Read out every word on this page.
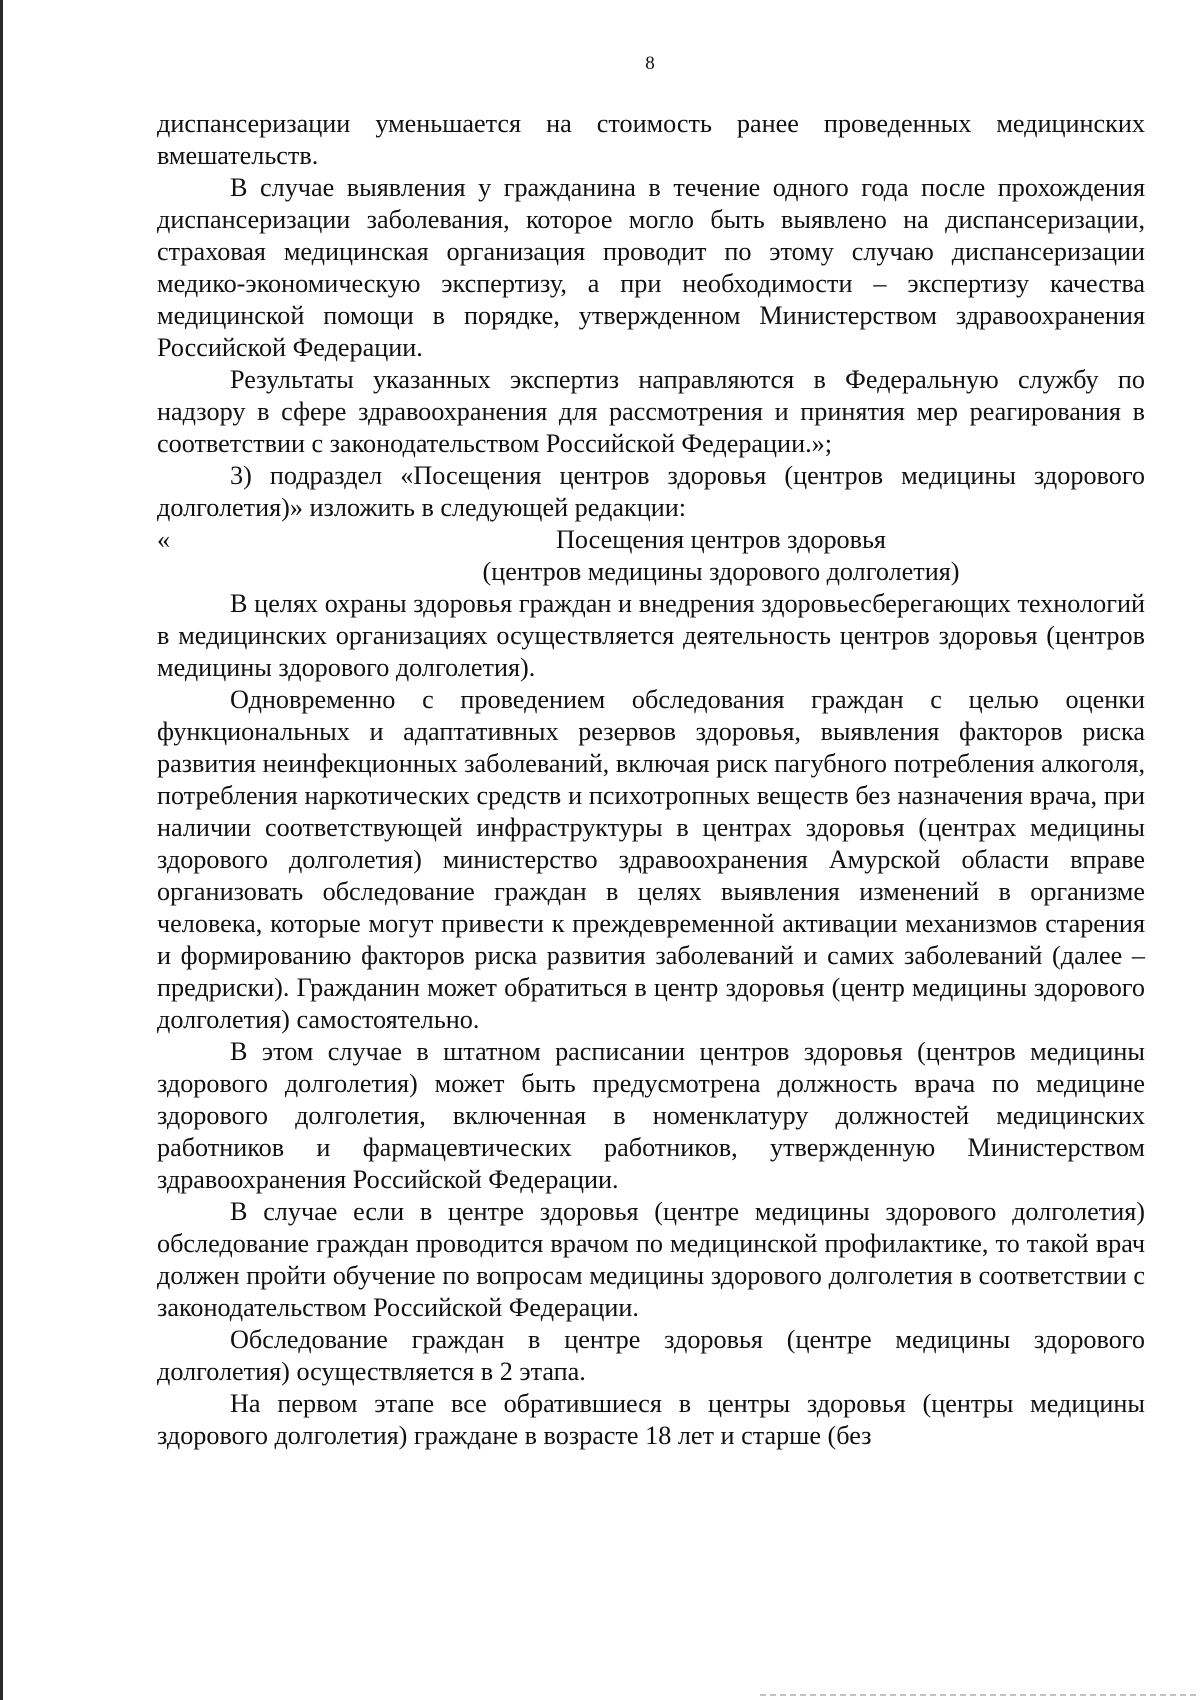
8

диспансеризации уменьшается на стоимость ранее проведенных медицинских вмешательств.

В случае выявления у гражданина в течение одного года после прохождения диспансеризации заболевания, которое могло быть выявлено на диспансеризации, страховая медицинская организация проводит по этому случаю диспансеризации медико-экономическую экспертизу, а при необходимости – экспертизу качества медицинской помощи в порядке, утвержденном Министерством здравоохранения Российской Федерации.

Результаты указанных экспертиз направляются в Федеральную службу по надзору в сфере здравоохранения для рассмотрения и принятия мер реагирования в соответствии с законодательством Российской Федерации.»;

3) подраздел «Посещения центров здоровья (центров медицины здорового долголетия)» изложить в следующей редакции:

«	Посещения центров здоровья

(центров медицины здорового долголетия)

В целях охраны здоровья граждан и внедрения здоровьесберегающих технологий в медицинских организациях осуществляется деятельность центров здоровья (центров медицины здорового долголетия).

Одновременно с проведением обследования граждан с целью оценки функциональных и адаптативных резервов здоровья, выявления факторов риска развития неинфекционных заболеваний, включая риск пагубного потребления алкоголя, потребления наркотических средств и психотропных веществ без назначения врача, при наличии соответствующей инфраструктуры в центрах здоровья (центрах медицины здорового долголетия) министерство здравоохранения Амурской области вправе организовать обследование граждан в целях выявления изменений в организме человека, которые могут привести к преждевременной активации механизмов старения и формированию факторов риска развития заболеваний и самих заболеваний (далее – предриски). Гражданин может обратиться в центр здоровья (центр медицины здорового долголетия) самостоятельно.

В этом случае в штатном расписании центров здоровья (центров медицины здорового долголетия) может быть предусмотрена должность врача по медицине здорового долголетия, включенная в номенклатуру должностей медицинских работников и фармацевтических работников, утвержденную Министерством здравоохранения Российской Федерации.

В случае если в центре здоровья (центре медицины здорового долголетия) обследование граждан проводится врачом по медицинской профилактике, то такой врач должен пройти обучение по вопросам медицины здорового долголетия в соответствии с законодательством Российской Федерации.

Обследование граждан в центре здоровья (центре медицины здорового долголетия) осуществляется в 2 этапа.

На первом этапе все обратившиеся в центры здоровья (центры медицины здорового долголетия) граждане в возрасте 18 лет и старше (без
